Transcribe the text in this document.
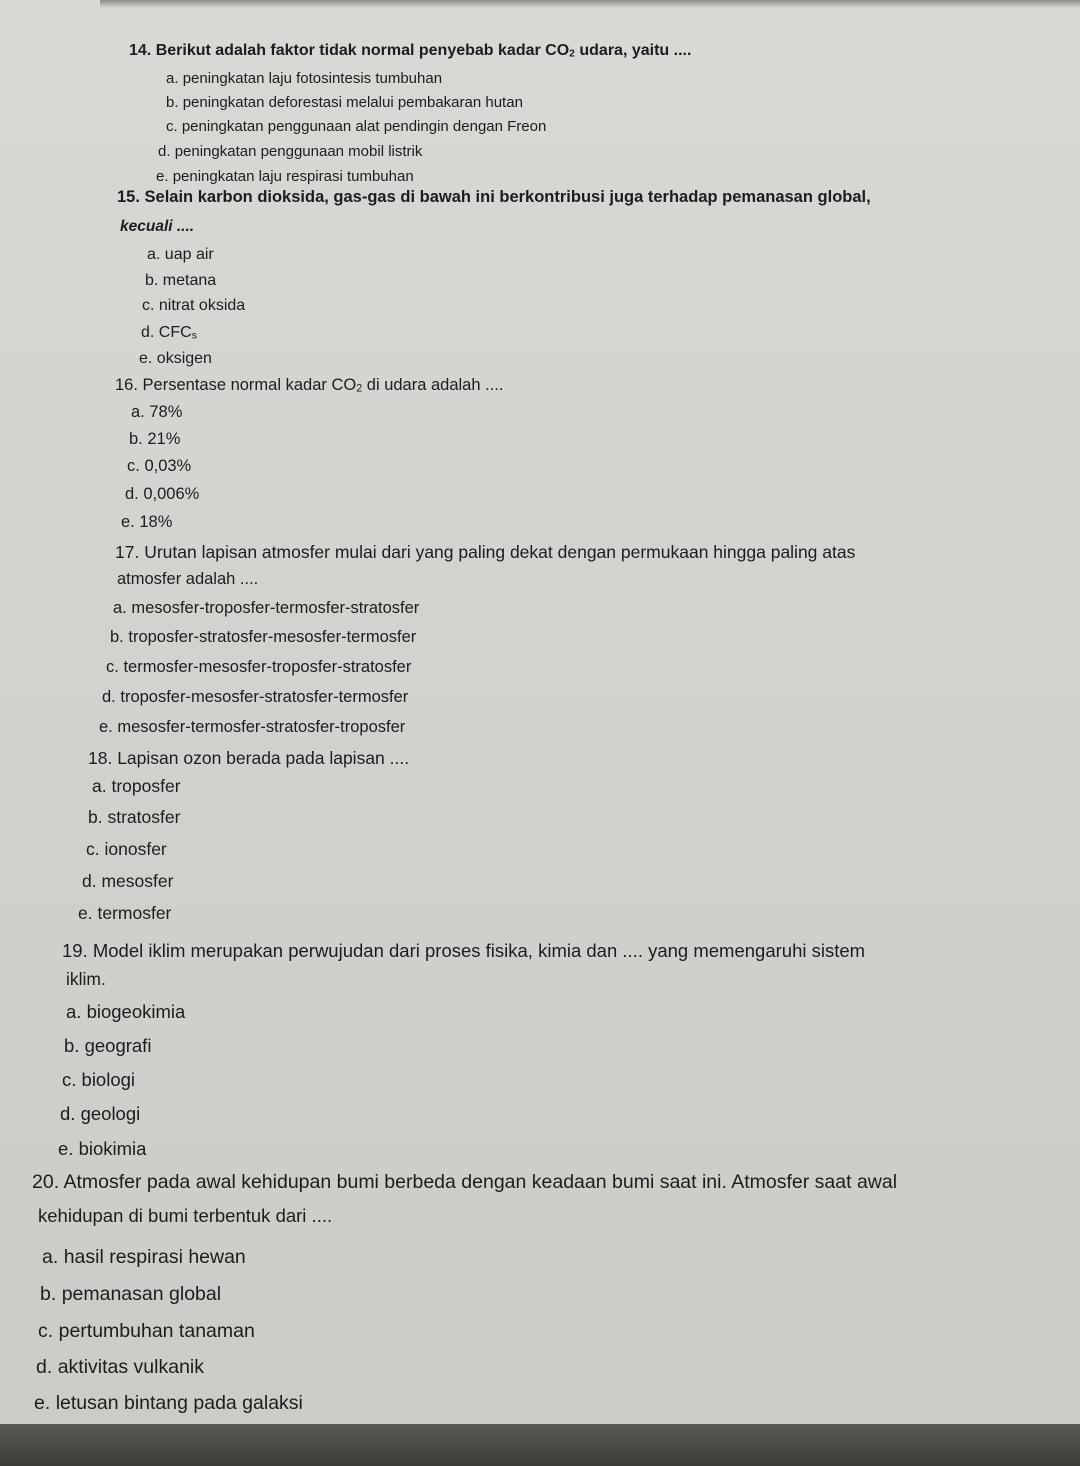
14. Berikut adalah faktor tidak normal penyebab kadar CO2 udara, yaitu ....

a. peningkatan laju fotosintesis tumbuhan

b. peningkatan deforestasi melalui pembakaran hutan

c. peningkatan penggunaan alat pendingin dengan Freon

d. peningkatan penggunaan mobil listrik

e. peningkatan laju respirasi tumbuhan

15. Selain karbon dioksida, gas-gas di bawah ini berkontribusi juga terhadap pemanasan global,

kecuali ....

a. uap air

b. metana

c. nitrat oksida

d. CFCs

e. oksigen

16. Persentase normal kadar CO2 di udara adalah ....

a. 78%

b. 21%

c. 0,03%

d. 0,006%

e. 18%

17. Urutan lapisan atmosfer mulai dari yang paling dekat dengan permukaan hingga paling atas

atmosfer adalah ....

a. mesosfer-troposfer-termosfer-stratosfer

b. troposfer-stratosfer-mesosfer-termosfer

c. termosfer-mesosfer-troposfer-stratosfer

d. troposfer-mesosfer-stratosfer-termosfer

e. mesosfer-termosfer-stratosfer-troposfer

18. Lapisan ozon berada pada lapisan ....

a. troposfer

b. stratosfer

c. ionosfer

d. mesosfer

e. termosfer

19. Model iklim merupakan perwujudan dari proses fisika, kimia dan .... yang memengaruhi sistem

iklim.

a. biogeokimia

b. geografi

c. biologi

d. geologi

e. biokimia

20. Atmosfer pada awal kehidupan bumi berbeda dengan keadaan bumi saat ini. Atmosfer saat awal

kehidupan di bumi terbentuk dari ....

a. hasil respirasi hewan

b. pemanasan global

c. pertumbuhan tanaman

d. aktivitas vulkanik

e. letusan bintang pada galaksi
